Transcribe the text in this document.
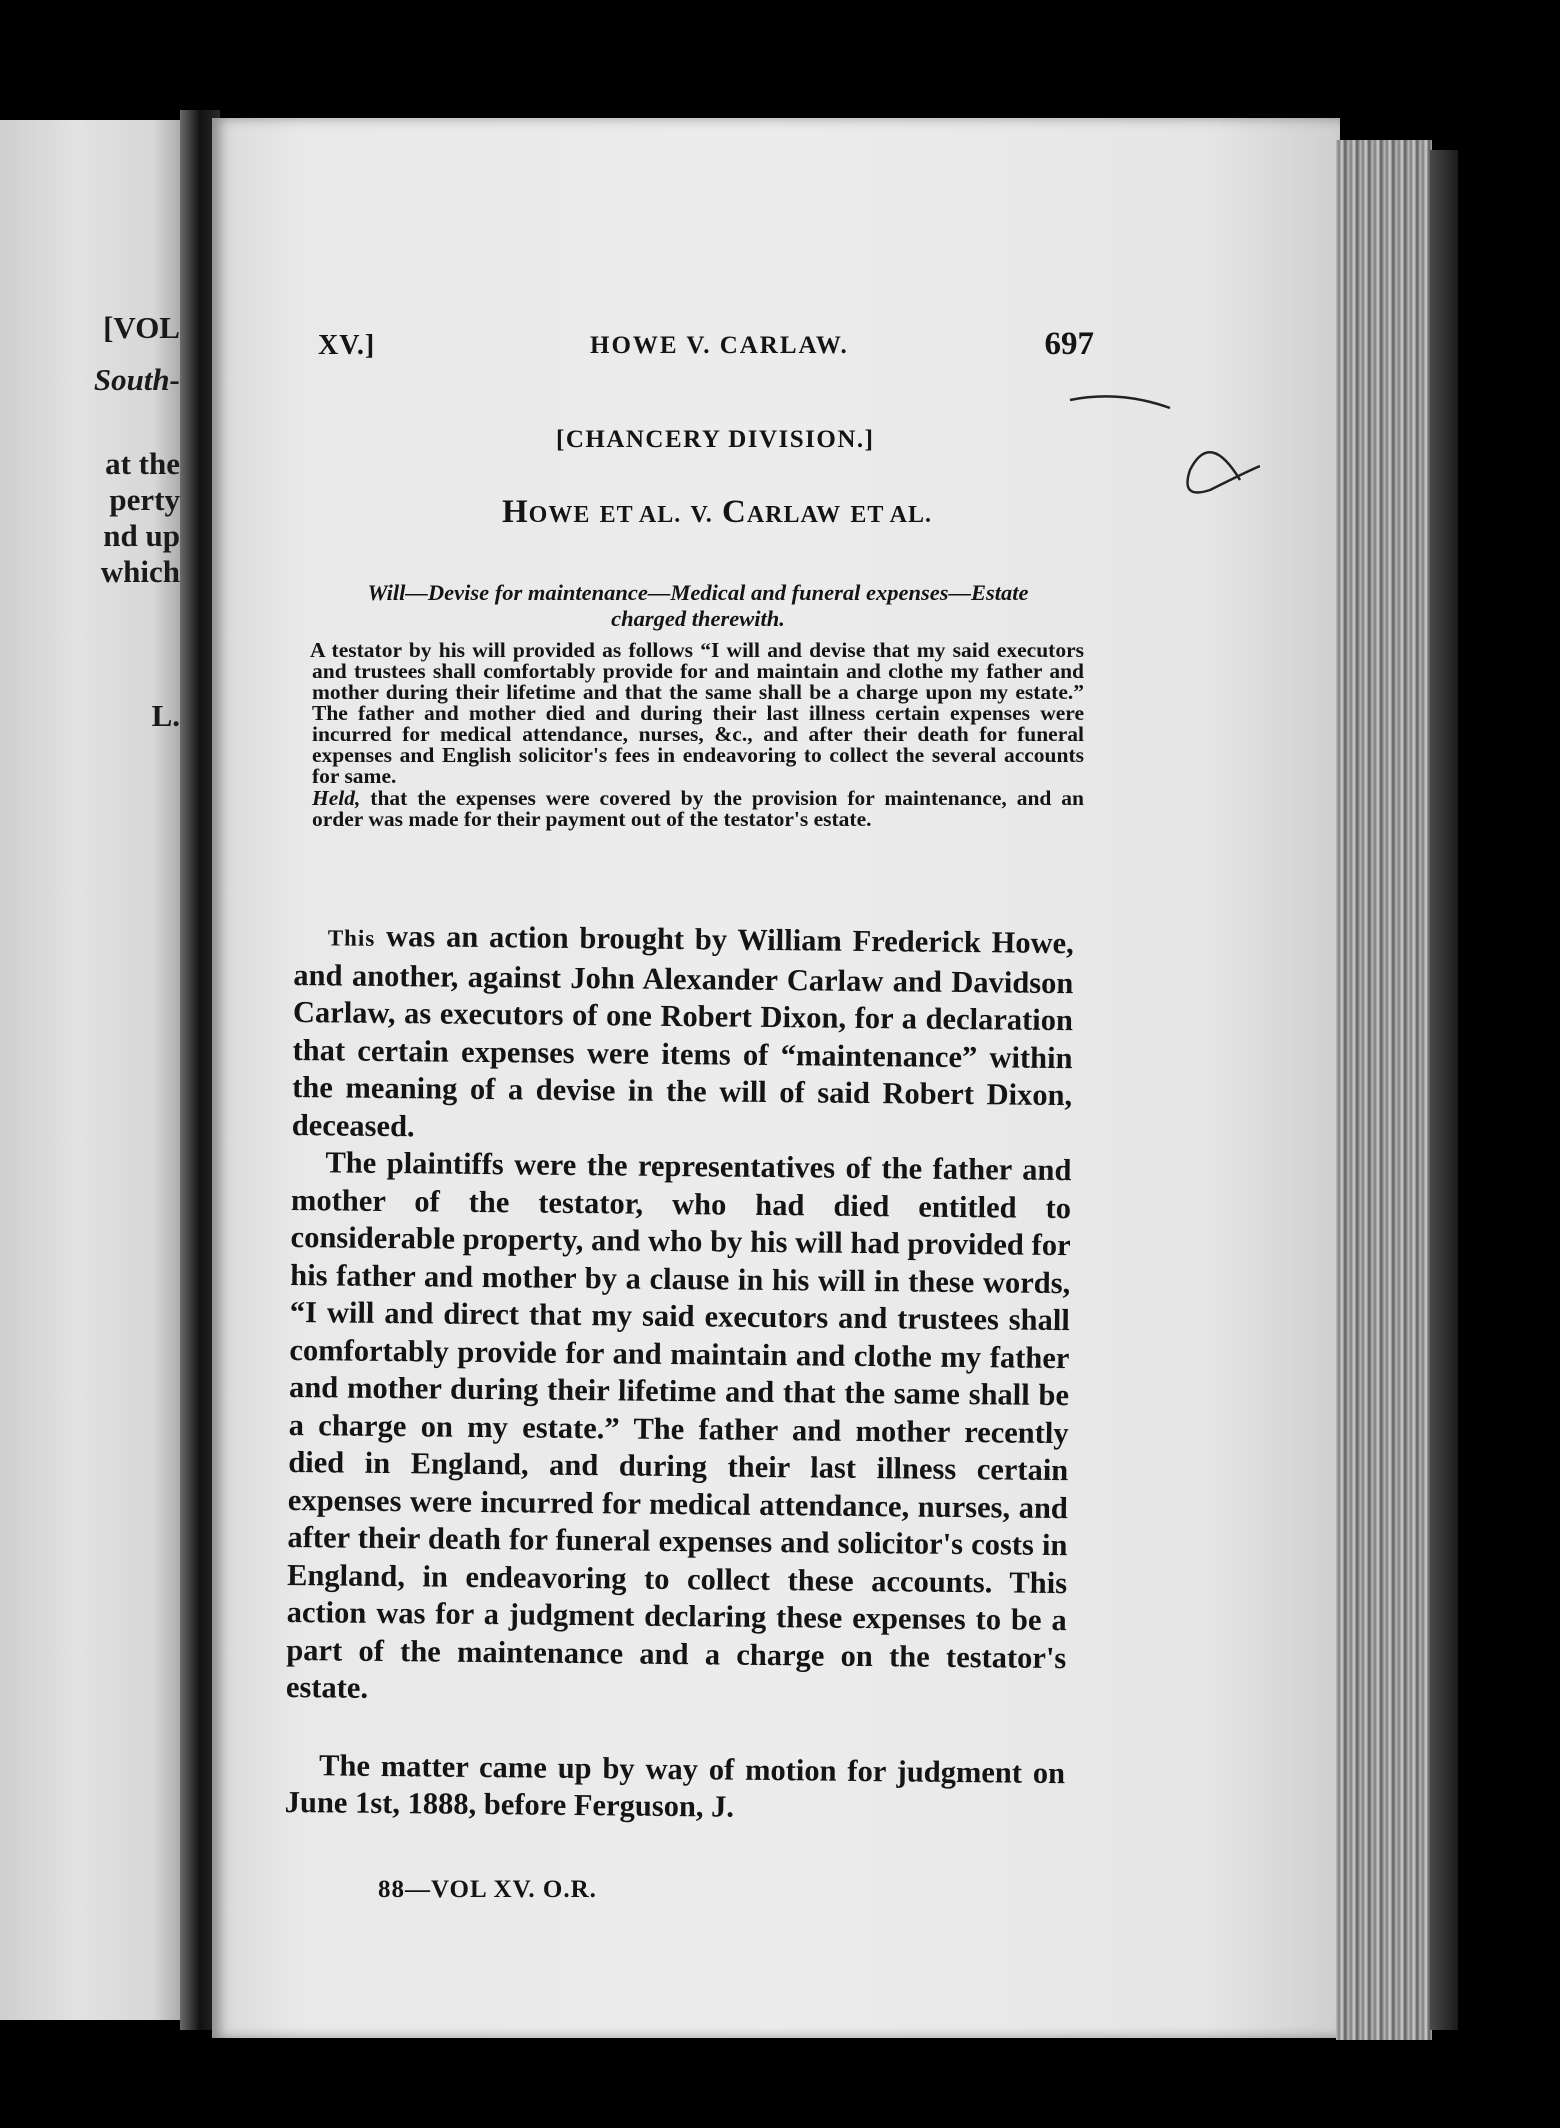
[VOL
South-
at the
perty
nd up
which
L.
XV.]	HOWE V. CARLAW.	697
[CHANCERY DIVISION.]
HOWE ET AL. V. CARLAW ET AL.
Will—Devise for maintenance—Medical and funeral expenses—Estate charged therewith.
A testator by his will provided as follows “I will and devise that my said executors and trustees shall comfortably provide for and maintain and clothe my father and mother during their lifetime and that the same shall be a charge upon my estate.” The father and mother died and during their last illness certain expenses were incurred for medical attendance, nurses, &c., and after their death for funeral expenses and English solicitor's fees in endeavoring to collect the several accounts for same.
Held, that the expenses were covered by the provision for maintenance, and an order was made for their payment out of the testator's estate.

This was an action brought by William Frederick Howe, and another, against John Alexander Carlaw and Davidson Carlaw, as executors of one Robert Dixon, for a declaration that certain expenses were items of “maintenance” within the meaning of a devise in the will of said Robert Dixon, deceased.

The plaintiffs were the representatives of the father and mother of the testator, who had died entitled to considerable property, and who by his will had provided for his father and mother by a clause in his will in these words, “I will and direct that my said executors and trustees shall comfortably provide for and maintain and clothe my father and mother during their lifetime and that the same shall be a charge on my estate.” The father and mother recently died in England, and during their last illness certain expenses were incurred for medical attendance, nurses, and after their death for funeral expenses and solicitor's costs in England, in endeavoring to collect these accounts. This action was for a judgment declaring these expenses to be a part of the maintenance and a charge on the testator's estate.

The matter came up by way of motion for judgment on June 1st, 1888, before Ferguson, J.

88—VOL XV. O.R.
